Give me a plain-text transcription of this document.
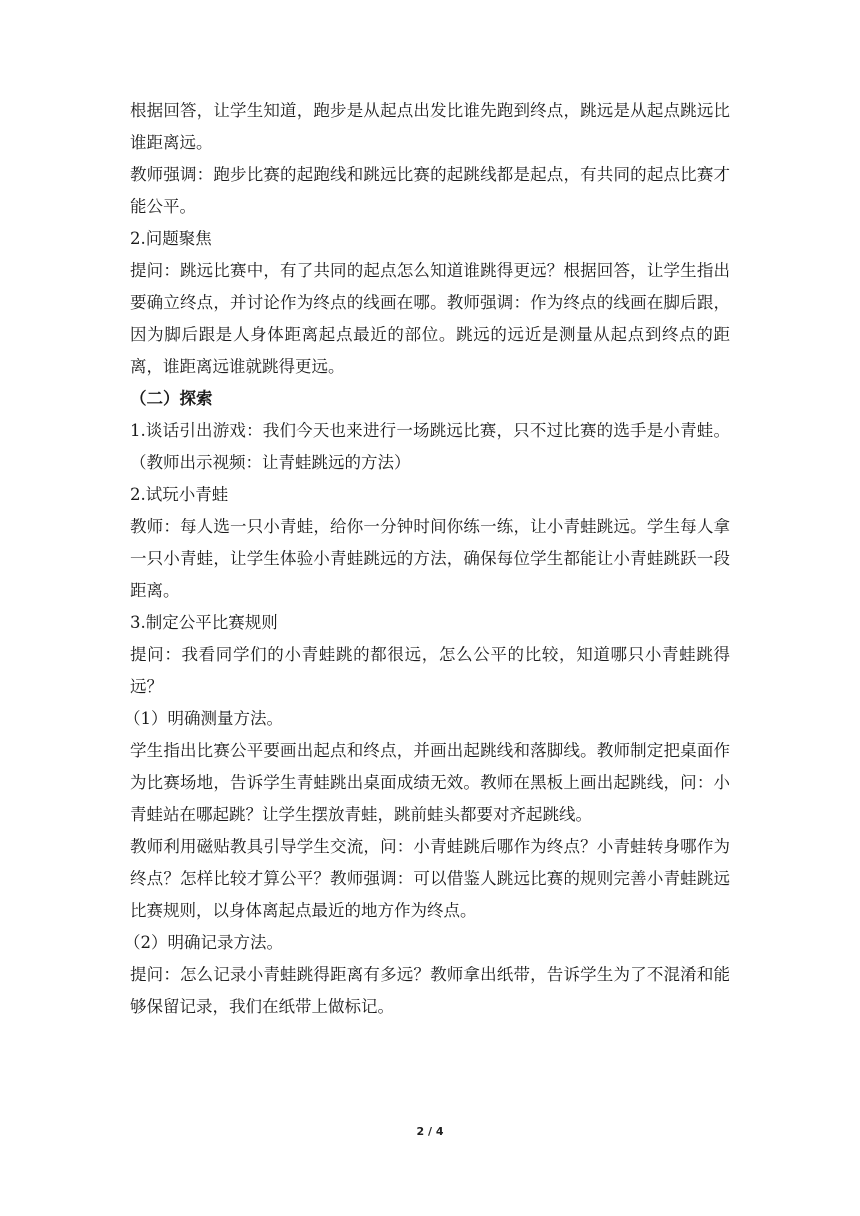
根据回答，让学生知道，跑步是从起点出发比谁先跑到终点，跳远是从起点跳远比谁距离远。

教师强调：跑步比赛的起跑线和跳远比赛的起跳线都是起点，有共同的起点比赛才能公平。

2.问题聚焦

提问：跳远比赛中，有了共同的起点怎么知道谁跳得更远？根据回答，让学生指出要确立终点，并讨论作为终点的线画在哪。教师强调：作为终点的线画在脚后跟，因为脚后跟是人身体距离起点最近的部位。跳远的远近是测量从起点到终点的距离，谁距离远谁就跳得更远。

（二）探索

1.谈话引出游戏：我们今天也来进行一场跳远比赛，只不过比赛的选手是小青蛙。（教师出示视频：让青蛙跳远的方法）

2.试玩小青蛙

教师：每人选一只小青蛙，给你一分钟时间你练一练，让小青蛙跳远。学生每人拿一只小青蛙，让学生体验小青蛙跳远的方法，确保每位学生都能让小青蛙跳跃一段距离。

3.制定公平比赛规则

提问：我看同学们的小青蛙跳的都很远，怎么公平的比较，知道哪只小青蛙跳得远？

（1）明确测量方法。

学生指出比赛公平要画出起点和终点，并画出起跳线和落脚线。教师制定把桌面作为比赛场地，告诉学生青蛙跳出桌面成绩无效。教师在黑板上画出起跳线，问：小青蛙站在哪起跳？让学生摆放青蛙，跳前蛙头都要对齐起跳线。

教师利用磁贴教具引导学生交流，问：小青蛙跳后哪作为终点？小青蛙转身哪作为终点？怎样比较才算公平？教师强调：可以借鉴人跳远比赛的规则完善小青蛙跳远比赛规则，以身体离起点最近的地方作为终点。

（2）明确记录方法。

提问：怎么记录小青蛙跳得距离有多远？教师拿出纸带，告诉学生为了不混淆和能够保留记录，我们在纸带上做标记。

2 / 4
